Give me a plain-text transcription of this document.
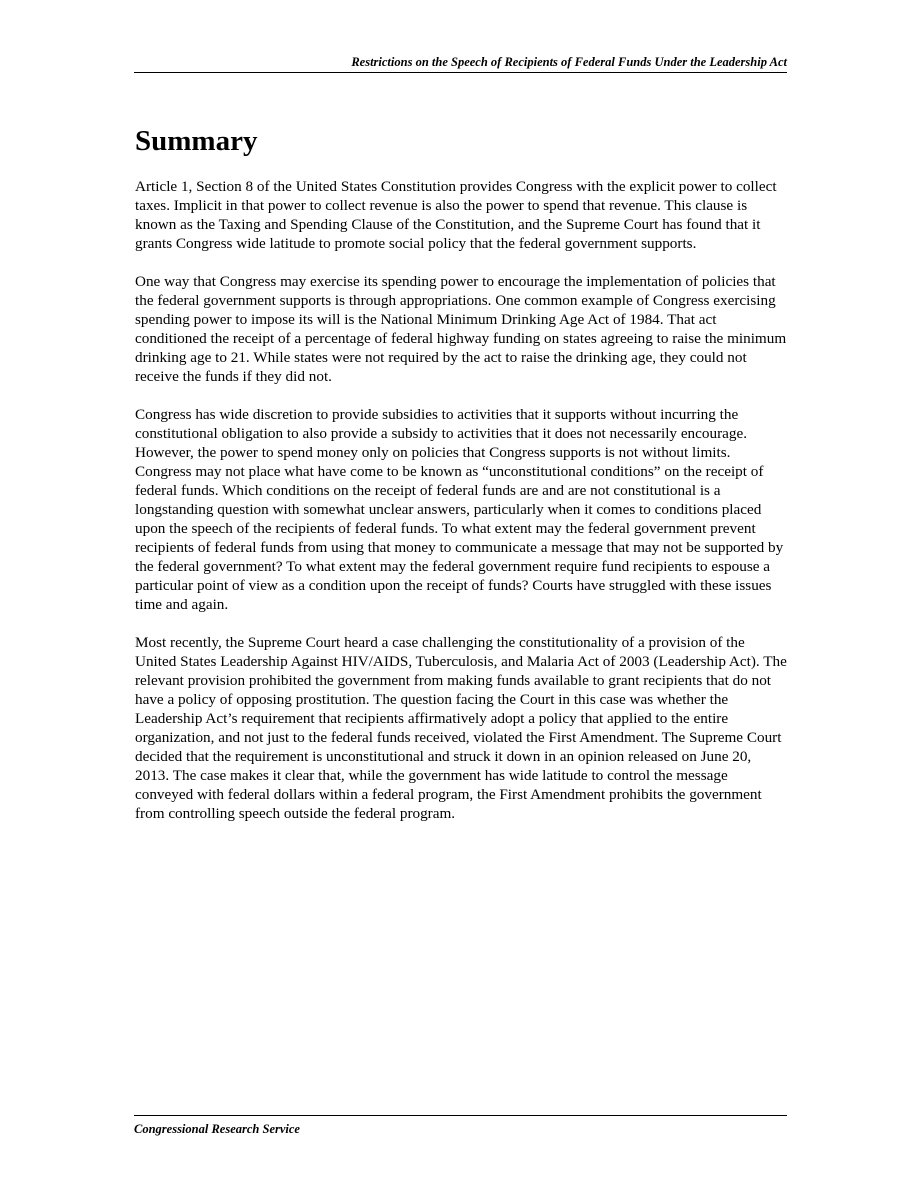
Restrictions on the Speech of Recipients of Federal Funds Under the Leadership Act
Summary

Article 1, Section 8 of the United States Constitution provides Congress with the explicit power to collect taxes. Implicit in that power to collect revenue is also the power to spend that revenue. This clause is known as the Taxing and Spending Clause of the Constitution, and the Supreme Court has found that it grants Congress wide latitude to promote social policy that the federal government supports.

One way that Congress may exercise its spending power to encourage the implementation of policies that the federal government supports is through appropriations. One common example of Congress exercising spending power to impose its will is the National Minimum Drinking Age Act of 1984. That act conditioned the receipt of a percentage of federal highway funding on states agreeing to raise the minimum drinking age to 21. While states were not required by the act to raise the drinking age, they could not receive the funds if they did not.

Congress has wide discretion to provide subsidies to activities that it supports without incurring the constitutional obligation to also provide a subsidy to activities that it does not necessarily encourage. However, the power to spend money only on policies that Congress supports is not without limits. Congress may not place what have come to be known as “unconstitutional conditions” on the receipt of federal funds. Which conditions on the receipt of federal funds are and are not constitutional is a longstanding question with somewhat unclear answers, particularly when it comes to conditions placed upon the speech of the recipients of federal funds. To what extent may the federal government prevent recipients of federal funds from using that money to communicate a message that may not be supported by the federal government? To what extent may the federal government require fund recipients to espouse a particular point of view as a condition upon the receipt of funds? Courts have struggled with these issues time and again.

Most recently, the Supreme Court heard a case challenging the constitutionality of a provision of the United States Leadership Against HIV/AIDS, Tuberculosis, and Malaria Act of 2003 (Leadership Act). The relevant provision prohibited the government from making funds available to grant recipients that do not have a policy of opposing prostitution. The question facing the Court in this case was whether the Leadership Act’s requirement that recipients affirmatively adopt a policy that applied to the entire organization, and not just to the federal funds received, violated the First Amendment. The Supreme Court decided that the requirement is unconstitutional and struck it down in an opinion released on June 20, 2013. The case makes it clear that, while the government has wide latitude to control the message conveyed with federal dollars within a federal program, the First Amendment prohibits the government from controlling speech outside the federal program.

Congressional Research Service
